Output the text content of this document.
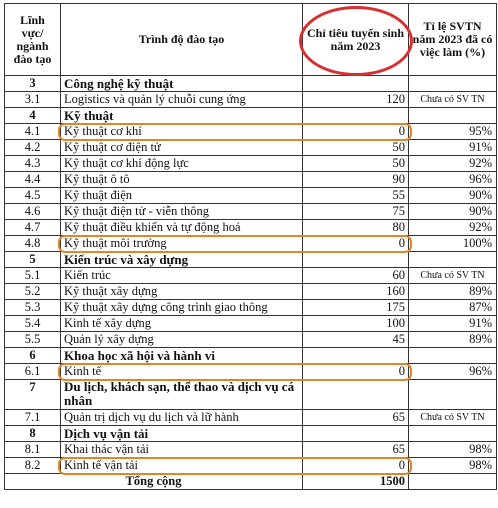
Lĩnh vực/ ngành đào tạo	Trình độ đào tạo	Chỉ tiêu tuyển sinh năm 2023	Tỉ lệ SVTN năm 2023 đã có việc làm (%)
3	Công nghệ kỹ thuật		
3.1	Logistics và quản lý chuỗi cung ứng	120	Chưa có SV TN
4	Kỹ thuật		
4.1	Kỹ thuật cơ khí	0	95%
4.2	Kỹ thuật cơ điện tử	50	91%
4.3	Kỹ thuật cơ khí động lực	50	92%
4.4	Kỹ thuật ô tô	90	96%
4.5	Kỹ thuật điện	55	90%
4.6	Kỹ thuật điện tử - viễn thông	75	90%
4.7	Kỹ thuật điều khiển và tự động hoá	80	92%
4.8	Kỹ thuật môi trường	0	100%
5	Kiến trúc và xây dựng		
5.1	Kiến trúc	60	Chưa có SV TN
5.2	Kỹ thuật xây dựng	160	89%
5.3	Kỹ thuật xây dựng công trình giao thông	175	87%
5.4	Kinh tế xây dựng	100	91%
5.5	Quản lý xây dựng	45	89%
6	Khoa học xã hội và hành vi		
6.1	Kinh tế	0	96%
7	Du lịch, khách sạn, thể thao và dịch vụ cá nhân		
7.1	Quản trị dịch vụ du lịch và lữ hành	65	Chưa có SV TN
8	Dịch vụ vận tải		
8.1	Khai thác vận tải	65	98%
8.2	Kinh tế vận tải	0	98%
Tổng cộng		1500	
